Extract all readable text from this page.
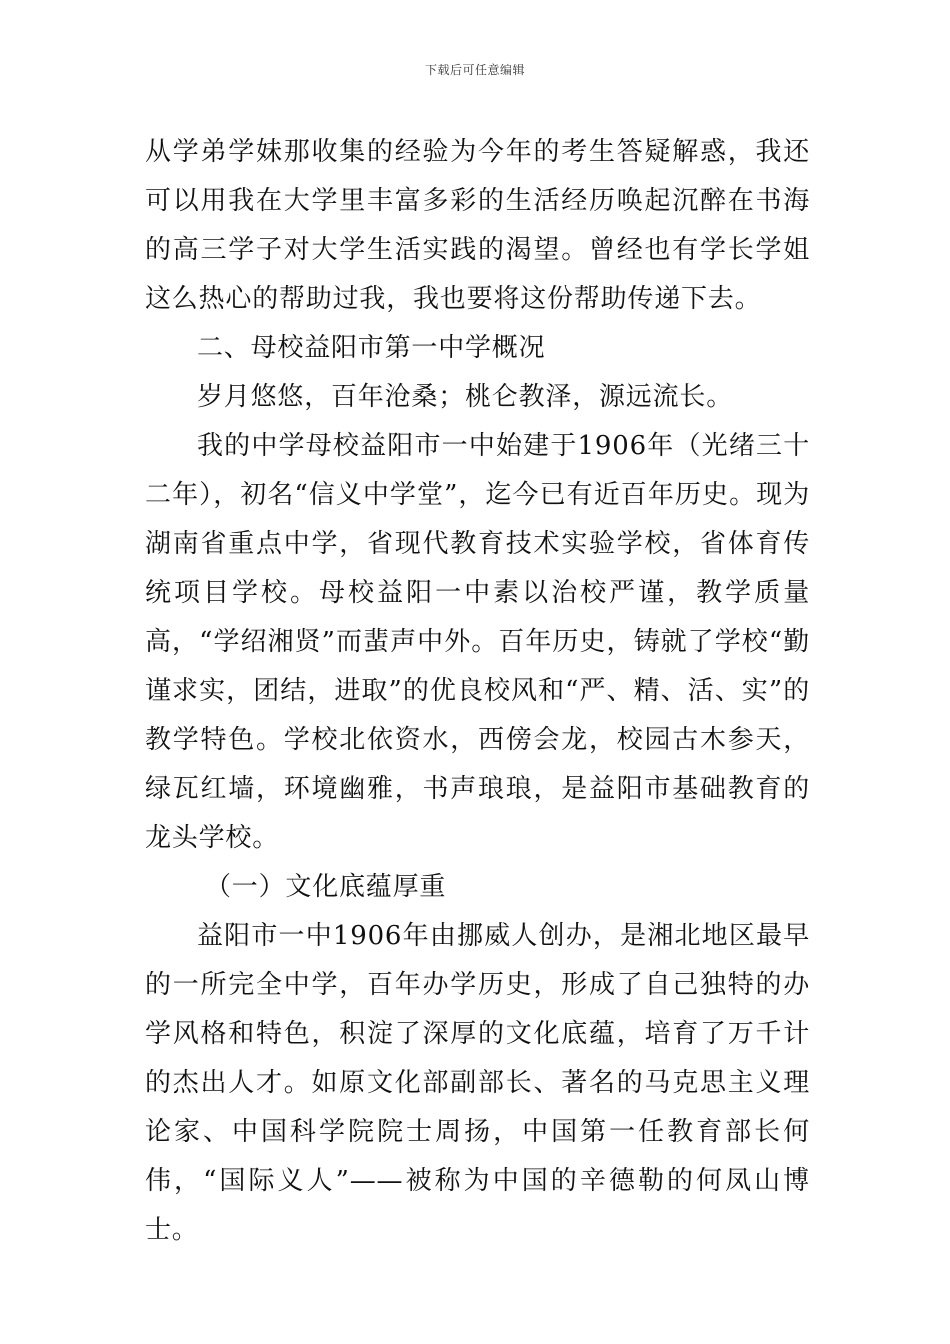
下载后可任意编辑

从学弟学妹那收集的经验为今年的考生答疑解惑，我还可以用我在大学里丰富多彩的生活经历唤起沉醉在书海的高三学子对大学生活实践的渴望。曾经也有学长学姐这么热心的帮助过我，我也要将这份帮助传递下去。

二、母校益阳市第一中学概况

岁月悠悠，百年沧桑；桃仑教泽，源远流长。

我的中学母校益阳市一中始建于1906年（光绪三十二年），初名“信义中学堂”，迄今已有近百年历史。现为湖南省重点中学，省现代教育技术实验学校，省体育传统项目学校。母校益阳一中素以治校严谨，教学质量高，“学绍湘贤”而蜚声中外。百年历史，铸就了学校“勤谨求实，团结，进取”的优良校风和“严、精、活、实”的教学特色。学校北依资水，西傍会龙，校园古木参天，绿瓦红墙，环境幽雅，书声琅琅，是益阳市基础教育的龙头学校。

（一）文化底蕴厚重

益阳市一中1906年由挪威人创办，是湘北地区最早的一所完全中学，百年办学历史，形成了自己独特的办学风格和特色，积淀了深厚的文化底蕴，培育了万千计的杰出人才。如原文化部副部长、著名的马克思主义理论家、中国科学院院士周扬，中国第一任教育部长何伟，“国际义人”——被称为中国的辛德勒的何凤山博士。
